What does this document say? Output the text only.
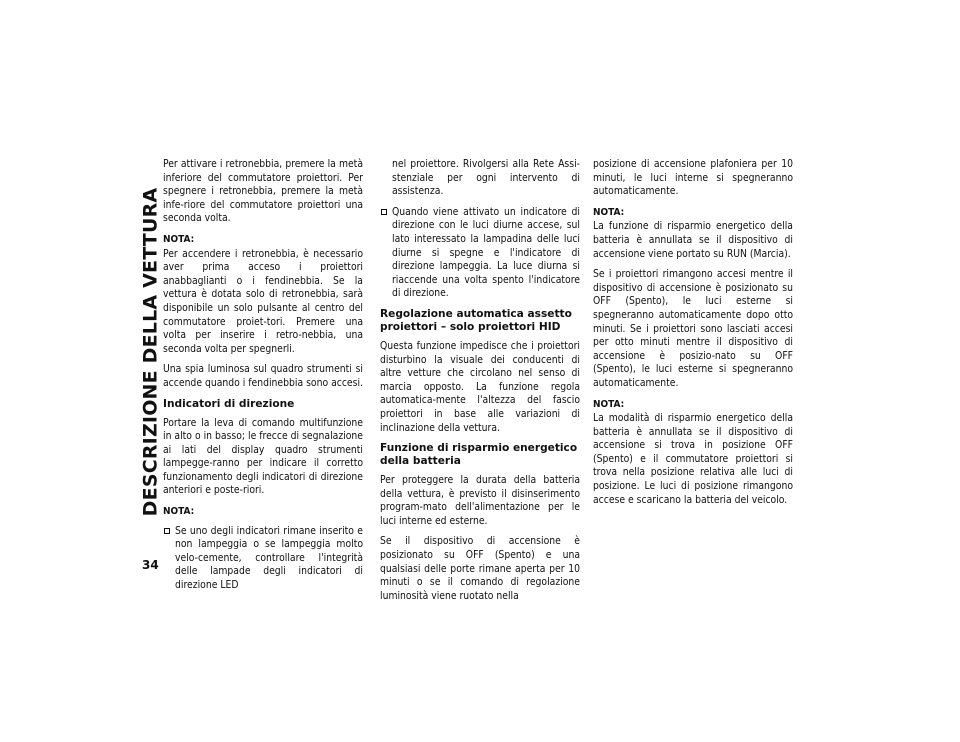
DESCRIZIONE DELLA VETTURA
34

Per attivare i retronebbia, premere la metà inferiore del commutatore proiettori. Per spegnere i retronebbia, premere la metà infe-riore del commutatore proiettori una seconda volta.

NOTA:

Per accendere i retronebbia, è necessario aver prima acceso i proiettori anabbaglianti o i fendinebbia. Se la vettura è dotata solo di retronebbia, sarà disponibile un solo pulsante al centro del commutatore proiet-tori. Premere una volta per inserire i retro-nebbia, una seconda volta per spegnerli.

Una spia luminosa sul quadro strumenti si accende quando i fendinebbia sono accesi.

Indicatori di direzione

Portare la leva di comando multifunzione in alto o in basso; le frecce di segnalazione ai lati del display quadro strumenti lampegge-ranno per indicare il corretto funzionamento degli indicatori di direzione anteriori e poste-riori.

NOTA:
Se uno degli indicatori rimane inserito e non lampeggia o se lampeggia molto velo-cemente, controllare l'integrità delle lampade degli indicatori di direzione LED

nel proiettore. Rivolgersi alla Rete Assi-stenziale per ogni intervento di assistenza.

Quando viene attivato un indicatore di direzione con le luci diurne accese, sul lato interessato la lampadina delle luci diurne si spegne e l'indicatore di direzione lampeggia. La luce diurna si riaccende una volta spento l'indicatore di direzione.
Regolazione automatica assetto proiettori – solo proiettori HID

Questa funzione impedisce che i proiettori disturbino la visuale dei conducenti di altre vetture che circolano nel senso di marcia opposto. La funzione regola automatica-mente l'altezza del fascio proiettori in base alle variazioni di inclinazione della vettura.

Funzione di risparmio energetico della batteria

Per proteggere la durata della batteria della vettura, è previsto il disinserimento program-mato dell'alimentazione per le luci interne ed esterne.

Se il dispositivo di accensione è posizionato su OFF (Spento) e una qualsiasi delle porte rimane aperta per 10 minuti o se il comando di regolazione luminosità viene ruotato nella

posizione di accensione plafoniera per 10 minuti, le luci interne si spegneranno automaticamente.

NOTA:

La funzione di risparmio energetico della batteria è annullata se il dispositivo di accensione viene portato su RUN (Marcia).

Se i proiettori rimangono accesi mentre il dispositivo di accensione è posizionato su OFF (Spento), le luci esterne si spegneranno automaticamente dopo otto minuti. Se i proiettori sono lasciati accesi per otto minuti mentre il dispositivo di accensione è posizio-nato su OFF (Spento), le luci esterne si spegneranno automaticamente.

NOTA:

La modalità di risparmio energetico della batteria è annullata se il dispositivo di accensione si trova in posizione OFF (Spento) e il commutatore proiettori si trova nella posizione relativa alle luci di posizione. Le luci di posizione rimangono accese e scaricano la batteria del veicolo.
